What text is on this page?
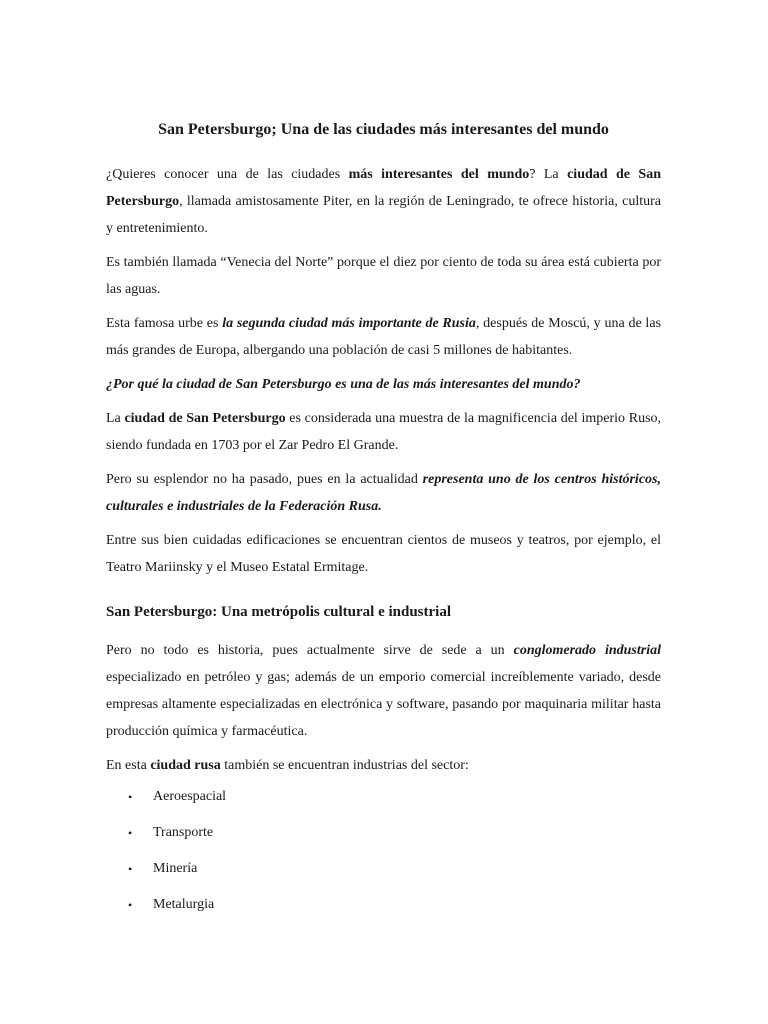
San Petersburgo; Una de las ciudades más interesantes del mundo

¿Quieres conocer una de las ciudades más interesantes del mundo? La ciudad de San Petersburgo, llamada amistosamente Piter, en la región de Leningrado, te ofrece historia, cultura y entretenimiento.

Es también llamada “Venecia del Norte” porque el diez por ciento de toda su área está cubierta por las aguas.

Esta famosa urbe es la segunda ciudad más importante de Rusia, después de Moscú, y una de las más grandes de Europa, albergando una población de casi 5 millones de habitantes.

¿Por qué la ciudad de San Petersburgo es una de las más interesantes del mundo?

La ciudad de San Petersburgo es considerada una muestra de la magnificencia del imperio Ruso, siendo fundada en 1703 por el Zar Pedro El Grande.

Pero su esplendor no ha pasado, pues en la actualidad representa uno de los centros históricos, culturales e industriales de la Federación Rusa.

Entre sus bien cuidadas edificaciones se encuentran cientos de museos y teatros, por ejemplo, el Teatro Mariinsky y el Museo Estatal Ermitage.

San Petersburgo: Una metrópolis cultural e industrial

Pero no todo es historia, pues actualmente sirve de sede a un conglomerado industrial especializado en petróleo y gas; además de un emporio comercial increíblemente variado, desde empresas altamente especializadas en electrónica y software, pasando por maquinaria militar hasta producción química y farmacéutica.

En esta ciudad rusa también se encuentran industrias del sector:

• Aeroespacial
• Transporte
• Minería
• Metalurgia
